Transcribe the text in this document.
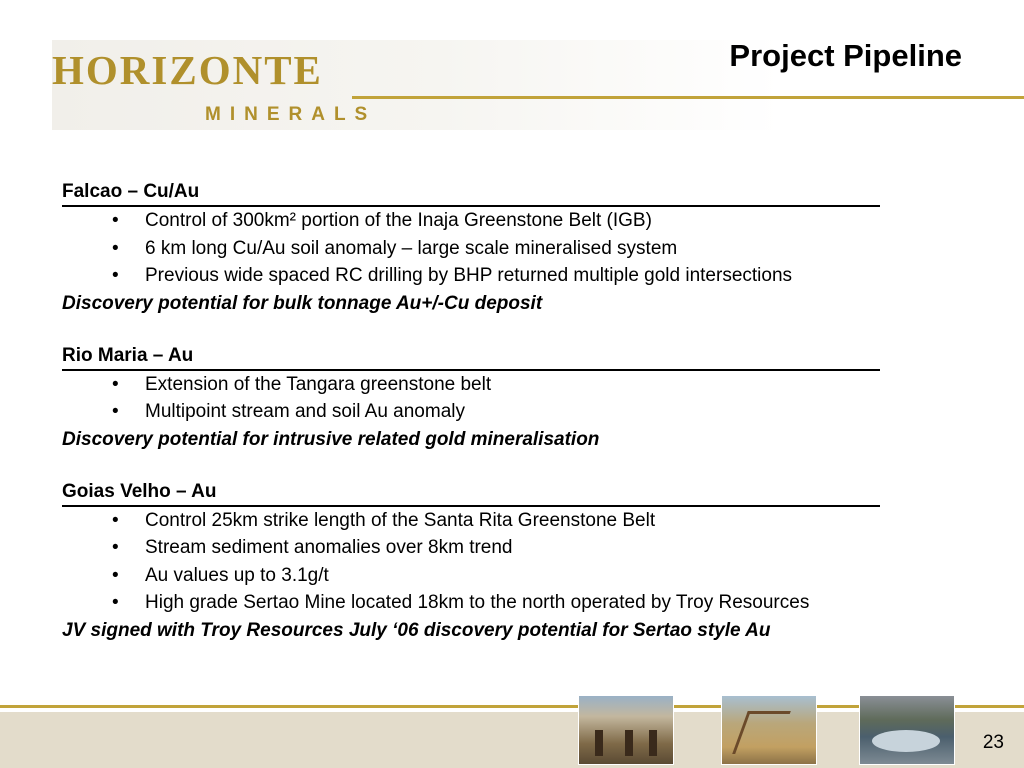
HORIZONTE
MINERALS
Project Pipeline
Falcao – Cu/Au
• Control of 300km² portion of the Inaja Greenstone Belt (IGB)
• 6 km long Cu/Au soil anomaly – large scale mineralised system
• Previous wide spaced RC drilling by BHP returned multiple gold intersections
Discovery potential for bulk tonnage Au+/-Cu deposit
Rio Maria – Au
• Extension of the Tangara greenstone belt
• Multipoint stream and soil Au anomaly
Discovery potential for intrusive related gold mineralisation
Goias Velho – Au
• Control 25km strike length of the Santa Rita Greenstone Belt
• Stream sediment anomalies over 8km trend
• Au values up to 3.1g/t
• High grade Sertao Mine located 18km to the north operated by Troy Resources
JV signed with Troy Resources July ‘06 discovery potential for Sertao style Au
23
